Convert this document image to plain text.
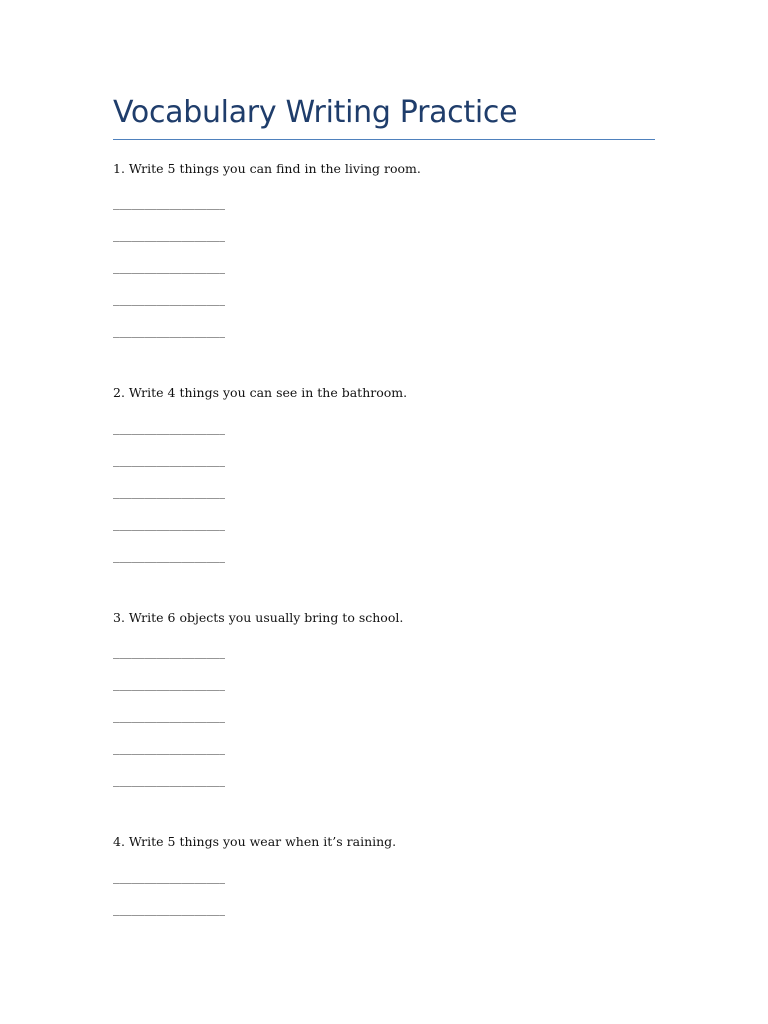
Vocabulary Writing Practice
1. Write 5 things you can find in the living room.
__________________
__________________
__________________
__________________
__________________
2. Write 4 things you can see in the bathroom.
__________________
__________________
__________________
__________________
__________________
3. Write 6 objects you usually bring to school.
__________________
__________________
__________________
__________________
__________________
4. Write 5 things you wear when it’s raining.
__________________
__________________
